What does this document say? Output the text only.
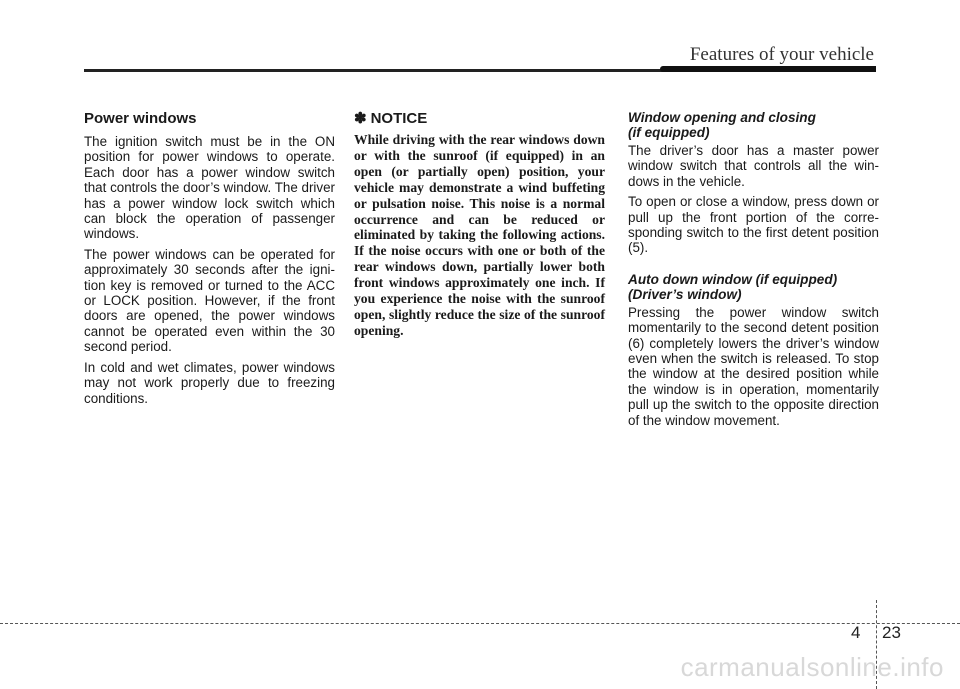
Features of your vehicle
Power windows

The ignition switch must be in the ON position for power windows to operate. Each door has a power window switch that controls the door’s window. The driver has a power window lock switch which can block the operation of passenger windows.

The power windows can be operated for approximately 30 seconds after the ignition key is removed or turned to the ACC or LOCK position. However, if the front doors are opened, the power windows cannot be operated even within the 30 second period.

In cold and wet climates, power windows may not work properly due to freezing conditions.

✽ NOTICE

While driving with the rear windows down or with the sunroof (if equipped) in an open (or partially open) position, your vehicle may demonstrate a wind buffeting or pulsation noise. This noise is a normal occurrence and can be reduced or eliminated by taking the following actions. If the noise occurs with one or both of the rear windows down, partially lower both front windows approximately one inch. If you experience the noise with the sunroof open, slightly reduce the size of the sunroof opening.

Window opening and closing
(if equipped)

The driver’s door has a master power window switch that controls all the windows in the vehicle.

To open or close a window, press down or pull up the front portion of the corresponding switch to the first detent position (5).

Auto down window (if equipped)
(Driver’s window)

Pressing the power window switch momentarily to the second detent position (6) completely lowers the driver’s window even when the switch is released. To stop the window at the desired position while the window is in operation, momentarily pull up the switch to the opposite direction of the window movement.

4 23
carmanualsonline.info
